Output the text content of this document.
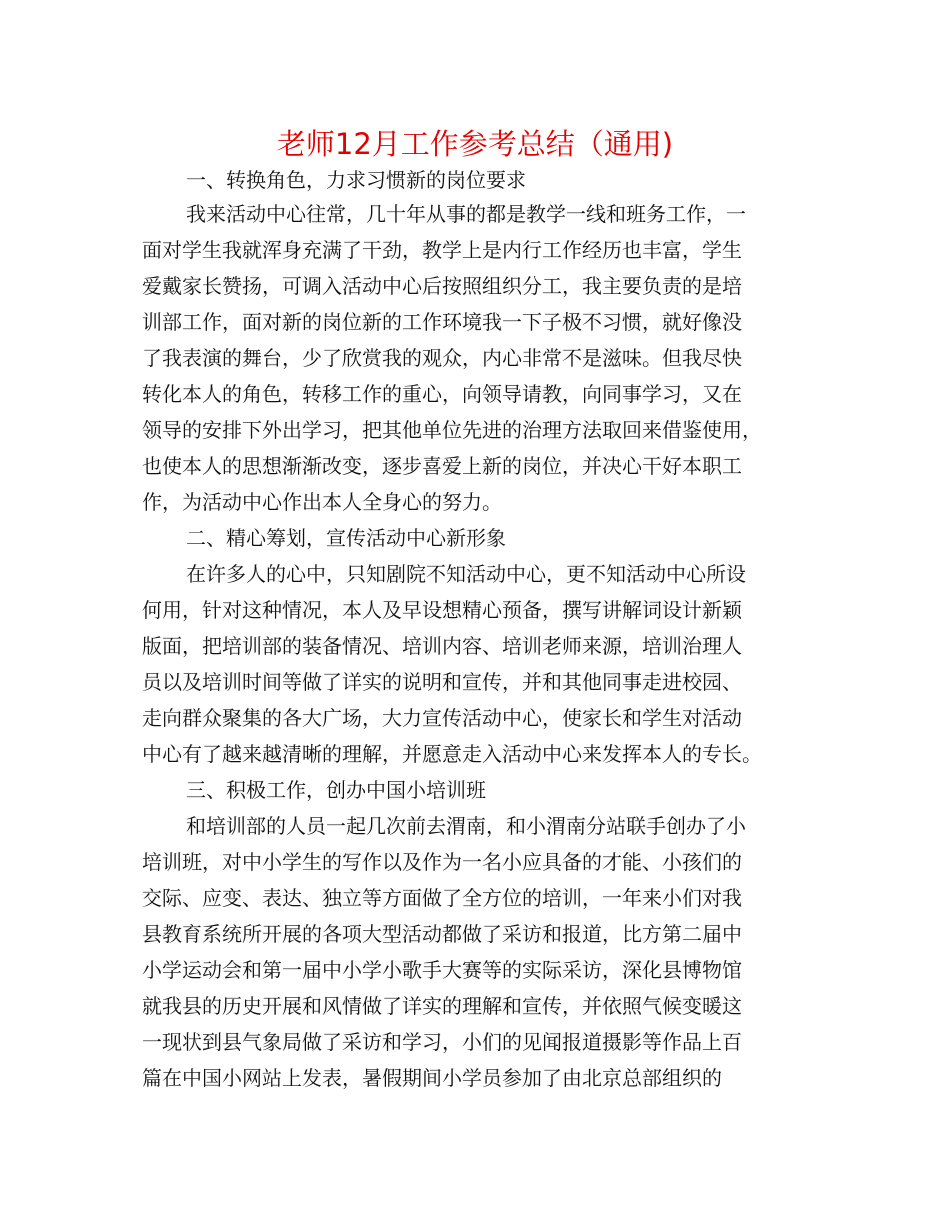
老师12月工作参考总结（通用)

一、转换角色，力求习惯新的岗位要求

我来活动中心往常，几十年从事的都是教学一线和班务工作，一

面对学生我就浑身充满了干劲，教学上是内行工作经历也丰富，学生

爱戴家长赞扬，可调入活动中心后按照组织分工，我主要负责的是培

训部工作，面对新的岗位新的工作环境我一下子极不习惯，就好像没

了我表演的舞台，少了欣赏我的观众，内心非常不是滋味。但我尽快

转化本人的角色，转移工作的重心，向领导请教，向同事学习，又在

领导的安排下外出学习，把其他单位先进的治理方法取回来借鉴使用，

也使本人的思想渐渐改变，逐步喜爱上新的岗位，并决心干好本职工

作，为活动中心作出本人全身心的努力。

二、精心筹划，宣传活动中心新形象

在许多人的心中，只知剧院不知活动中心，更不知活动中心所设

何用，针对这种情况，本人及早设想精心预备，撰写讲解词设计新颖

版面，把培训部的装备情况、培训内容、培训老师来源，培训治理人

员以及培训时间等做了详实的说明和宣传，并和其他同事走进校园、

走向群众聚集的各大广场，大力宣传活动中心，使家长和学生对活动

中心有了越来越清晰的理解，并愿意走入活动中心来发挥本人的专长。

三、积极工作，创办中国小培训班

和培训部的人员一起几次前去渭南，和小渭南分站联手创办了小

培训班，对中小学生的写作以及作为一名小应具备的才能、小孩们的

交际、应变、表达、独立等方面做了全方位的培训，一年来小们对我

县教育系统所开展的各项大型活动都做了采访和报道，比方第二届中

小学运动会和第一届中小学小歌手大赛等的实际采访，深化县博物馆

就我县的历史开展和风情做了详实的理解和宣传，并依照气候变暖这

一现状到县气象局做了采访和学习，小们的见闻报道摄影等作品上百

篇在中国小网站上发表，暑假期间小学员参加了由北京总部组织的
